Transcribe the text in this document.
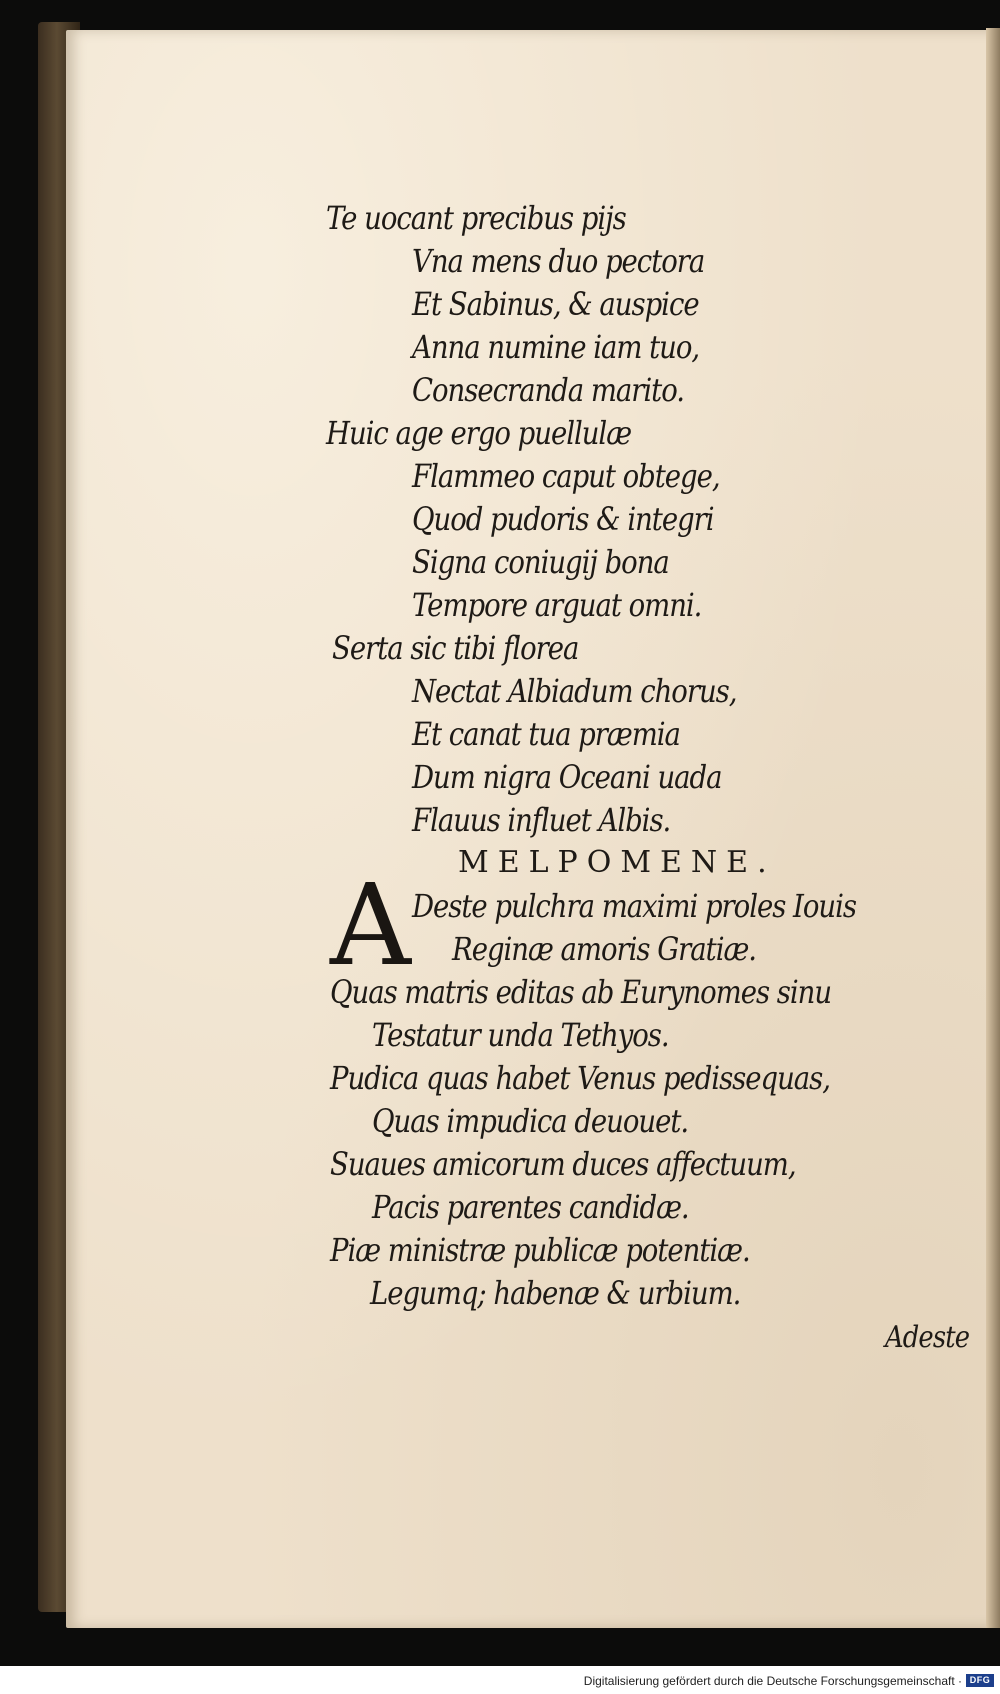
Te uocant precibus pijs
Vna mens duo pectora
Et Sabinus, & auspice
Anna numine iam tuo,
Consecranda marito.
Huic age ergo puellulæ
Flammeo caput obtege,
Quod pudoris & integri
Signa coniugij bona
Tempore arguat omni.
Serta sic tibi florea
Nectat Albiadum chorus,
Et canat tua præmia
Dum nigra Oceani uada
Flauus influet Albis.
MELPOMENE.
A Deste pulchra maximi proles Iouis
Reginæ amoris Gratiæ.
Quas matris editas ab Eurynomes sinu
Testatur unda Tethyos.
Pudica quas habet Venus pedissequas,
Quas impudica deuouet.
Suaues amicorum duces affectuum,
Pacis parentes candidæ.
Piæ ministræ publicæ potentiæ.
Legumq; habenæ & urbium.
Adeste
Digitalisierung gefördert durch die Deutsche Forschungsgemeinschaft · DFG
